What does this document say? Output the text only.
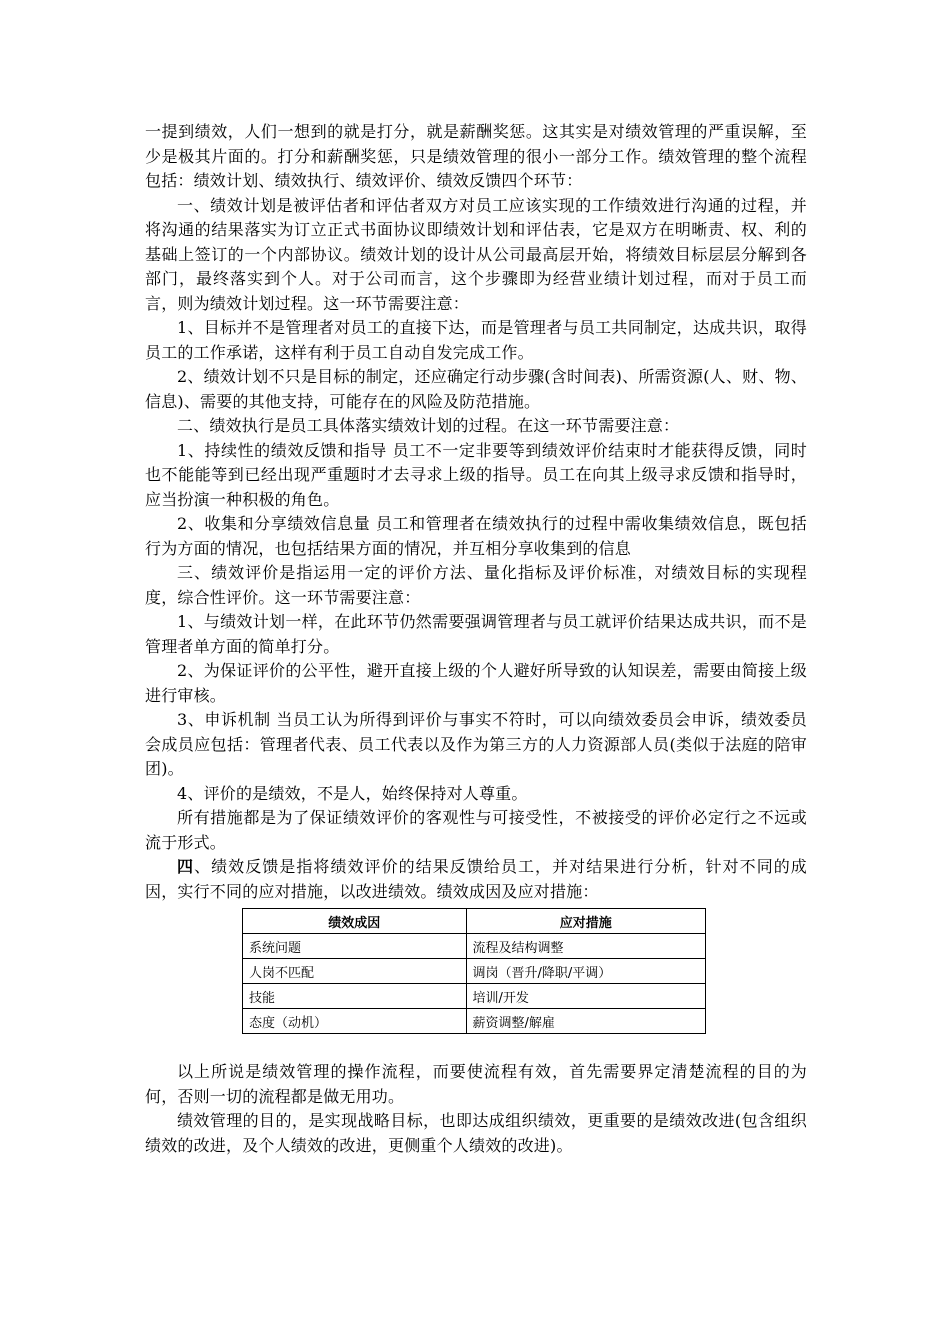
一提到绩效，人们一想到的就是打分，就是薪酬奖惩。这其实是对绩效管理的严重误解，至少是极其片面的。打分和薪酬奖惩，只是绩效管理的很小一部分工作。绩效管理的整个流程包括：绩效计划、绩效执行、绩效评价、绩效反馈四个环节：

一、绩效计划是被评估者和评估者双方对员工应该实现的工作绩效进行沟通的过程，并将沟通的结果落实为订立正式书面协议即绩效计划和评估表，它是双方在明晰责、权、利的基础上签订的一个内部协议。绩效计划的设计从公司最高层开始，将绩效目标层层分解到各部门，最终落实到个人。对于公司而言，这个步骤即为经营业绩计划过程，而对于员工而言，则为绩效计划过程。这一环节需要注意：

1、目标并不是管理者对员工的直接下达，而是管理者与员工共同制定，达成共识，取得员工的工作承诺，这样有利于员工自动自发完成工作。

2、绩效计划不只是目标的制定，还应确定行动步骤(含时间表)、所需资源(人、财、物、信息)、需要的其他支持，可能存在的风险及防范措施。

二、绩效执行是员工具体落实绩效计划的过程。在这一环节需要注意：

1、持续性的绩效反馈和指导 员工不一定非要等到绩效评价结束时才能获得反馈，同时也不能能等到已经出现严重题时才去寻求上级的指导。员工在向其上级寻求反馈和指导时，应当扮演一种积极的角色。

2、收集和分享绩效信息量 员工和管理者在绩效执行的过程中需收集绩效信息，既包括行为方面的情况，也包括结果方面的情况，并互相分享收集到的信息

三、绩效评价是指运用一定的评价方法、量化指标及评价标准，对绩效目标的实现程度，综合性评价。这一环节需要注意：

1、与绩效计划一样，在此环节仍然需要强调管理者与员工就评价结果达成共识，而不是管理者单方面的简单打分。

2、为保证评价的公平性，避开直接上级的个人避好所导致的认知误差，需要由简接上级进行审核。

3、申诉机制 当员工认为所得到评价与事实不符时，可以向绩效委员会申诉，绩效委员会成员应包括：管理者代表、员工代表以及作为第三方的人力资源部人员(类似于法庭的陪审团)。

4、评价的是绩效，不是人，始终保持对人尊重。

所有措施都是为了保证绩效评价的客观性与可接受性，不被接受的评价必定行之不远或流于形式。

四、绩效反馈是指将绩效评价的结果反馈给员工，并对结果进行分析，针对不同的成因，实行不同的应对措施，以改进绩效。绩效成因及应对措施：

绩效成因	应对措施
系统问题	流程及结构调整
人岗不匹配	调岗（晋升/降职/平调）
技能	培训/开发
态度（动机）	薪资调整/解雇

以上所说是绩效管理的操作流程，而要使流程有效，首先需要界定清楚流程的目的为何，否则一切的流程都是做无用功。

绩效管理的目的，是实现战略目标，也即达成组织绩效，更重要的是绩效改进(包含组织绩效的改进，及个人绩效的改进，更侧重个人绩效的改进)。
